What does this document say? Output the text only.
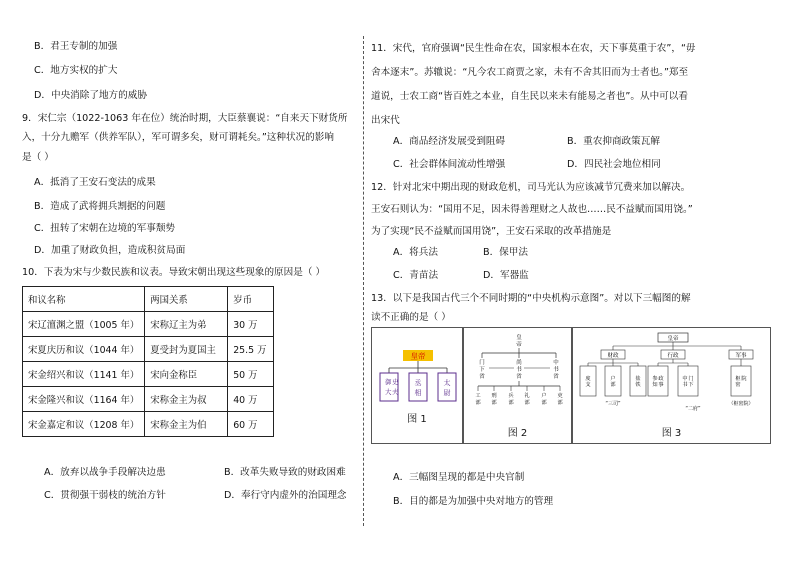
B．君王专制的加强
C．地方实权的扩大
D．中央消除了地方的威胁
9．宋仁宗（1022-1063 年在位）统治时期，大臣蔡襄说：“自来天下财货所
入，十分九赡军（供养军队），军可谓多矣，财可谓耗矣。”这种状况的影响
是（ ）
A．抵消了王安石变法的成果
B．造成了武将拥兵割据的问题
C．扭转了宋朝在边境的军事颓势
D．加重了财政负担，造成积贫局面
10．下表为宋与少数民族和议表。导致宋朝出现这些现象的原因是（ ）
和议名称	两国关系	岁币
宋辽澶渊之盟（1005 年）	宋称辽主为弟	30 万
宋夏庆历和议（1044 年）	夏受封为夏国主	25.5 万
宋金绍兴和议（1141 年）	宋向金称臣	50 万
宋金隆兴和议（1164 年）	宋称金主为叔	40 万
宋金嘉定和议（1208 年）	宋称金主为伯	60 万
A．放弃以战争手段解决边患	B．改革失败导致的财政困难
C．贯彻强干弱枝的统治方针	D．奉行守内虚外的治国理念
11．宋代，官府强调“民生性命在农，国家根本在农，天下事莫重于农”，“毋
舍本逐末”。苏辙说：“凡今农工商贾之家，未有不舍其旧而为士者也。”郑至
道说，士农工商“皆百姓之本业，自生民以来未有能易之者也”。从中可以看
出宋代
A．商品经济发展受到阻碍	B．重农抑商政策瓦解
C．社会群体间流动性增强	D．四民社会地位相同
12．针对北宋中期出现的财政危机，司马光认为应该减节冗费来加以解决。
王安石则认为：“国用不足，因未得善理财之人故也……民不益赋而国用饶。”
为了实现“民不益赋而国用饶”，王安石采取的改革措施是
A．将兵法	B．保甲法
C．青苗法	D．军器监
13．以下是我国古代三个不同时期的“中央机构示意图”。对以下三幅图的解
读不正确的是（ ）
皇帝
御 史
大 夫
丞
相
太
尉
图 1
皇
帝
门
下
省
尚
书
省
中
书
省
工
部
刑
部
兵
部
礼
部
户
部
吏
部
图 2
皇帝
财政	行政	军事
度
支
户
部
盐
铁
参
知
政
事
中
书
门
下
枢
密
院
“三司”	（枢密院）
“二府”
图 3
A．三幅图呈现的都是中央官制
B．目的都是为加强中央对地方的管理
